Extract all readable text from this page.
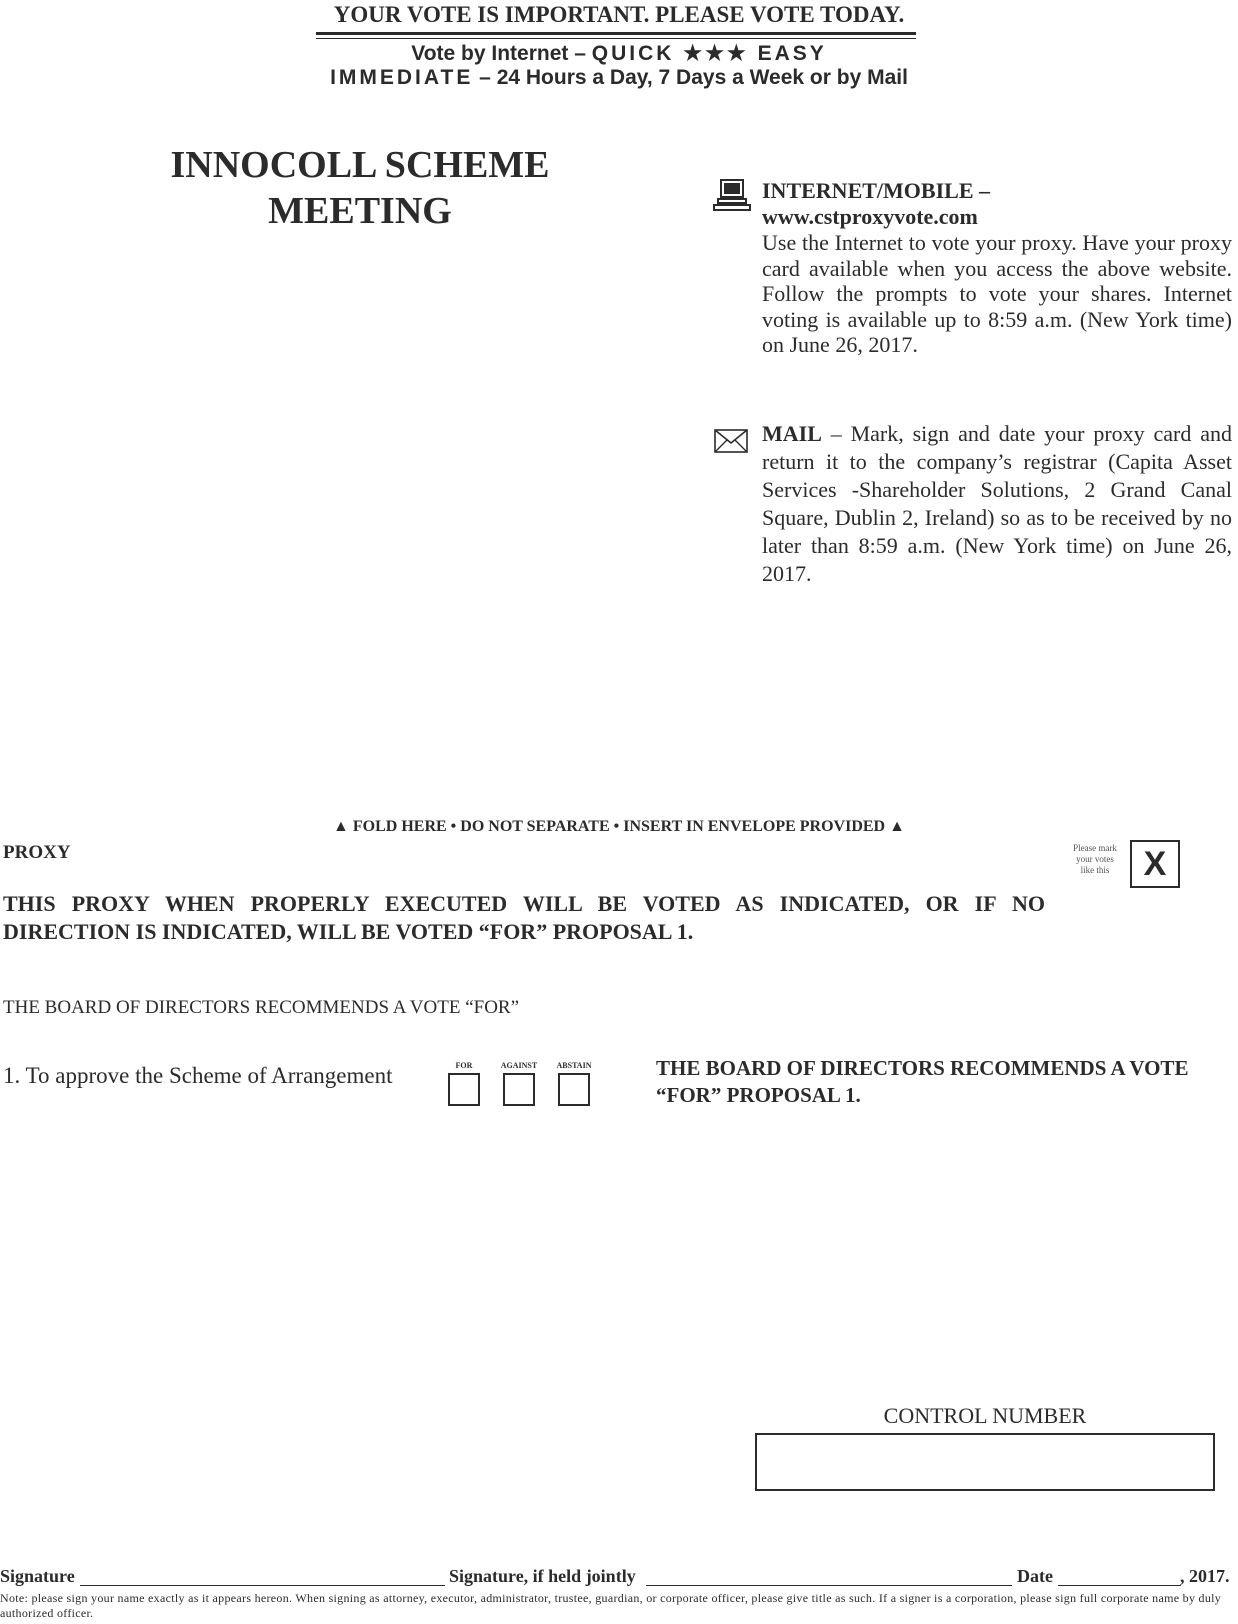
YOUR VOTE IS IMPORTANT. PLEASE VOTE TODAY.
Vote by Internet – QUICK ★★★ EASY
IMMEDIATE – 24 Hours a Day, 7 Days a Week or by Mail
INNOCOLL SCHEME
MEETING	INTERNET/MOBILE –
www.cstproxyvote.com
Use the Internet to vote your proxy. Have your proxy card available when you access the above website. Follow the prompts to vote your shares. Internet voting is available up to 8:59 a.m. (New York time) on June 26, 2017.
MAIL – Mark, sign and date your proxy card and return it to the company’s registrar (Capita Asset Services -Shareholder Solutions, 2 Grand Canal Square, Dublin 2, Ireland) so as to be received by no later than 8:59 a.m. (New York time) on June 26, 2017.
▲ FOLD HERE • DO NOT SEPARATE • INSERT IN ENVELOPE PROVIDED ▲
PROXY	Please mark
your votes
like this	X
THIS PROXY WHEN PROPERLY EXECUTED WILL BE VOTED AS INDICATED, OR IF NO DIRECTION IS INDICATED, WILL BE VOTED “FOR” PROPOSAL 1.
THE BOARD OF DIRECTORS RECOMMENDS A VOTE “FOR”
1. To approve the Scheme of Arrangement	FOR	AGAINST	ABSTAIN	THE BOARD OF DIRECTORS RECOMMENDS A VOTE “FOR” PROPOSAL 1.
CONTROL NUMBER
Signature	Signature, if held jointly	Date	, 2017.
Note: please sign your name exactly as it appears hereon. When signing as attorney, executor, administrator, trustee, guardian, or corporate officer, please give title as such. If a signer is a corporation, please sign full corporate name by duly authorized officer.
